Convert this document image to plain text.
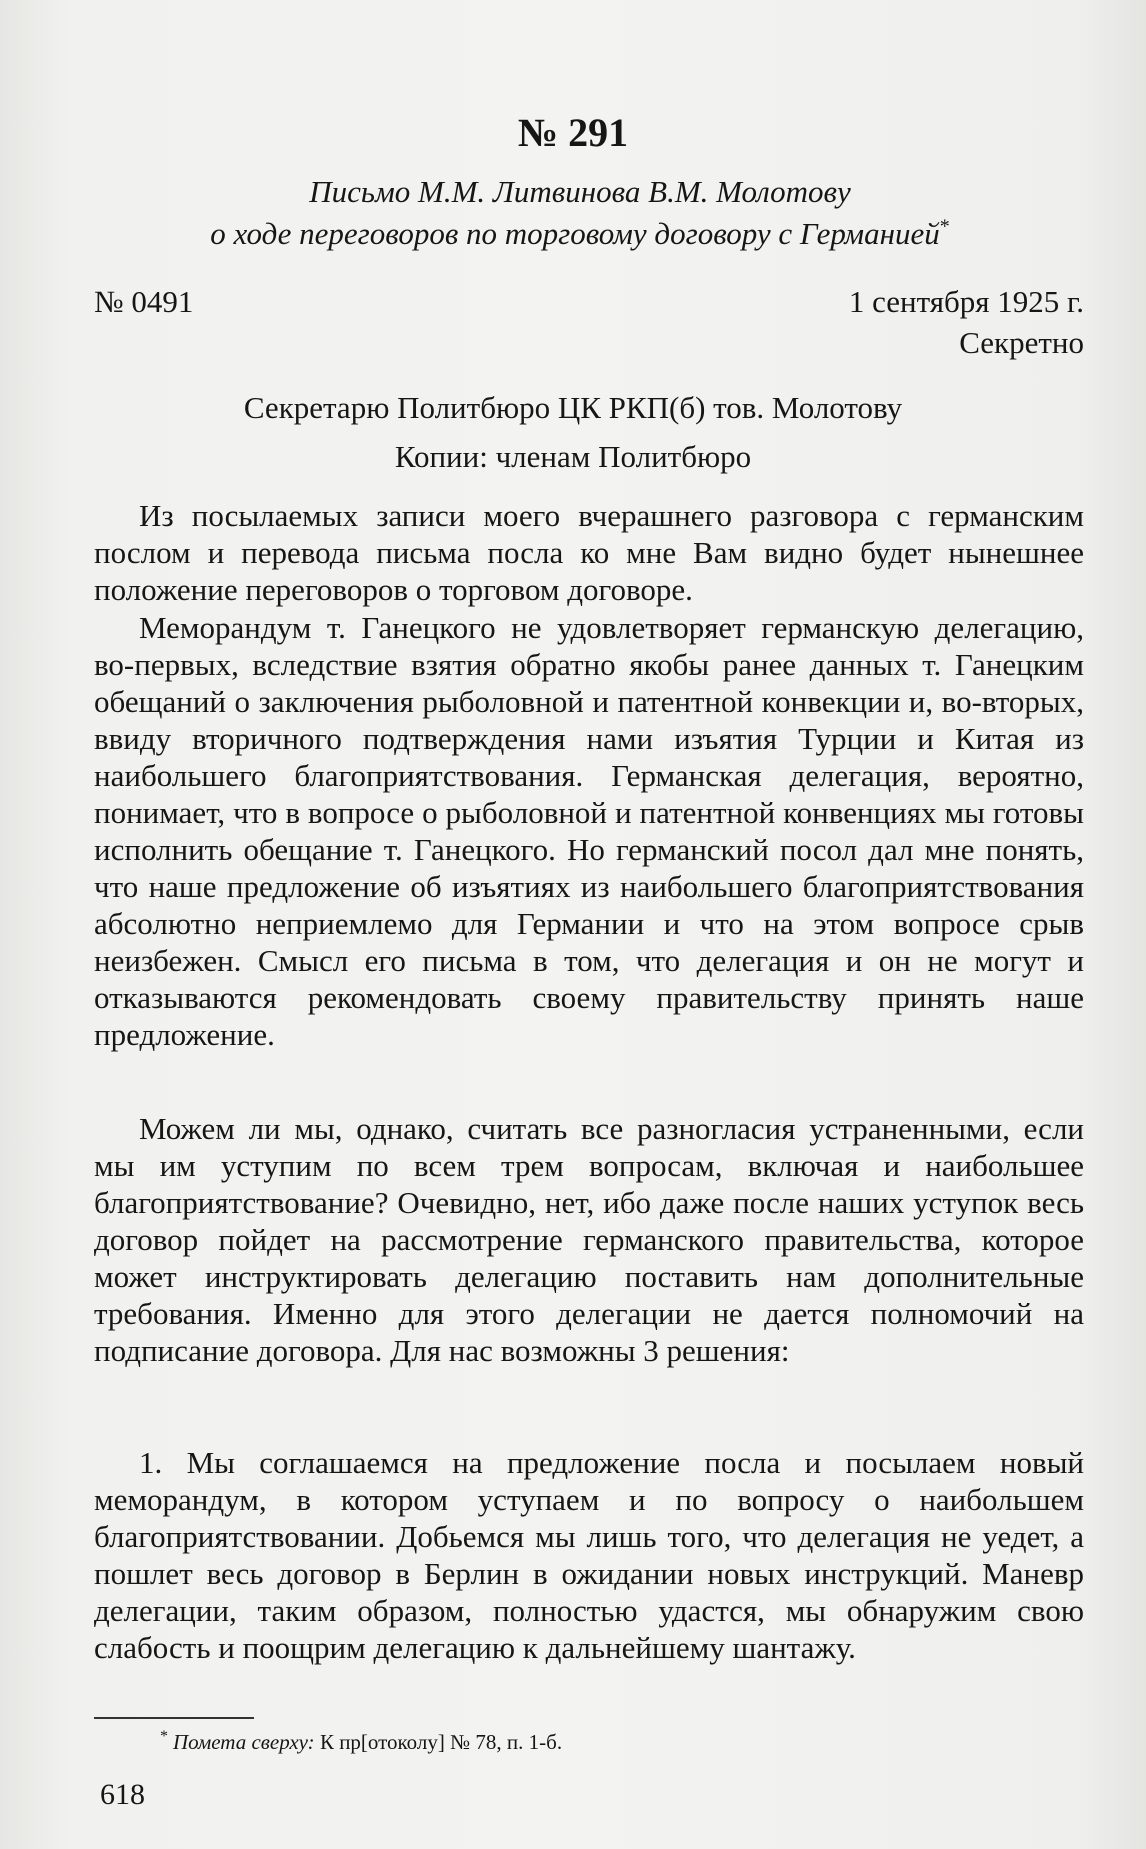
№ 291
Письмо М.М. Литвинова В.М. Молотову
о ходе переговоров по торговому договору с Германией*
№ 0491	1 сентября 1925 г.
Секретно
Секретарю Политбюро ЦК РКП(б) тов. Молотову
Копии: членам Политбюро

Из посылаемых записи моего вчерашнего разговора с германским послом и перевода письма посла ко мне Вам видно будет нынешнее положение переговоров о торговом договоре.

Меморандум т. Ганецкого не удовлетворяет германскую делегацию, во-первых, вследствие взятия обратно якобы ранее данных т. Ганецким обещаний о заключения рыболовной и патентной конвекции и, во-вторых, ввиду вторичного подтверждения нами изъятия Турции и Китая из наибольшего благоприятствования. Германская делегация, вероятно, понимает, что в вопросе о рыболовной и патентной конвенциях мы готовы исполнить обещание т. Ганецкого. Но германский посол дал мне понять, что наше предложение об изъятиях из наибольшего благоприятствования абсолютно неприемлемо для Германии и что на этом вопросе срыв неизбежен. Смысл его письма в том, что делегация и он не могут и отказываются рекомендовать своему правительству принять наше предложение.

Можем ли мы, однако, считать все разногласия устраненными, если мы им уступим по всем трем вопросам, включая и наибольшее благоприятствование? Очевидно, нет, ибо даже после наших уступок весь договор пойдет на рассмотрение германского правительства, которое может инструктировать делегацию поставить нам дополнительные требования. Именно для этого делегации не дается полномочий на подписание договора. Для нас возможны 3 решения:

1. Мы соглашаемся на предложение посла и посылаем новый меморандум, в котором уступаем и по вопросу о наибольшем благоприятствовании. Добьемся мы лишь того, что делегация не уедет, а пошлет весь договор в Берлин в ожидании новых инструкций. Маневр делегации, таким образом, полностью удастся, мы обнаружим свою слабость и поощрим делегацию к дальнейшему шантажу.

* Помета сверху: К пр[отоколу] № 78, п. 1-б.
618
